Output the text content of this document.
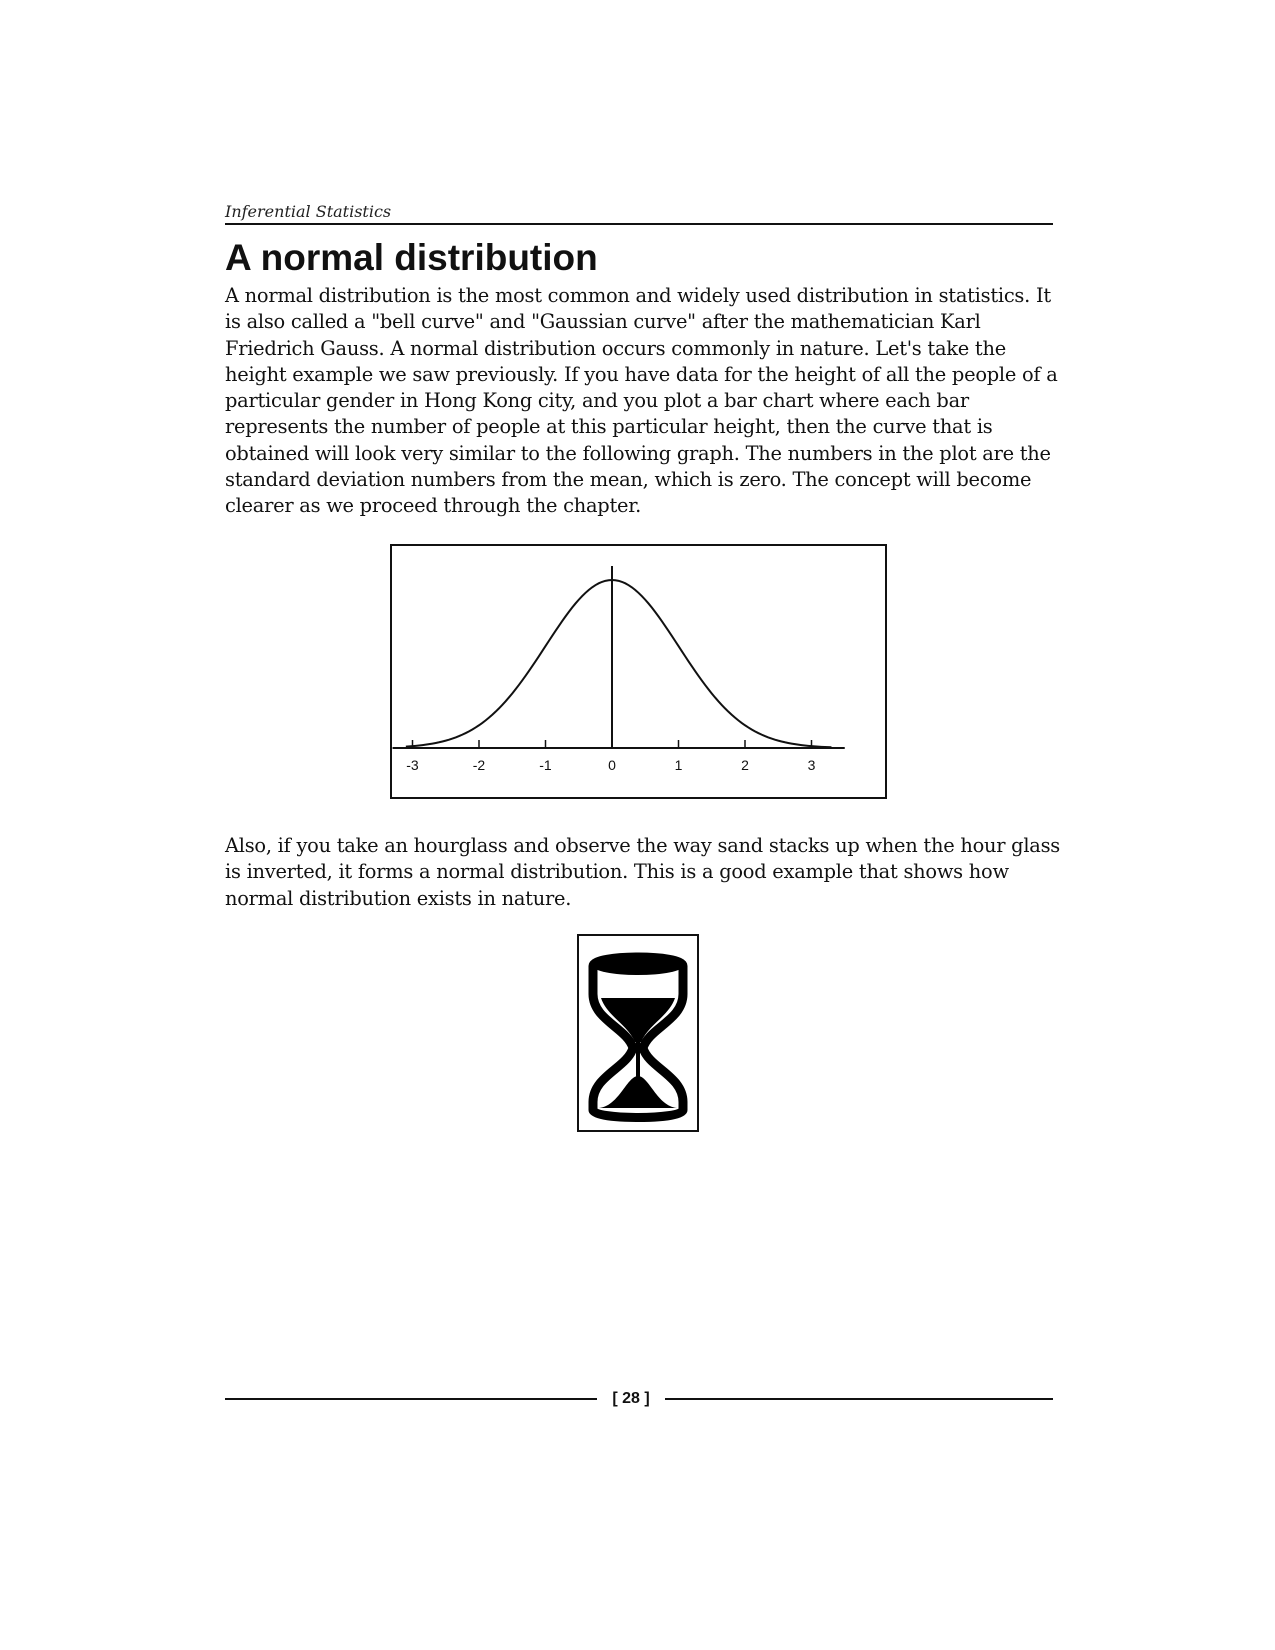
Inferential Statistics
A normal distribution

A normal distribution is the most common and widely used distribution in statistics. It is also called a "bell curve" and "Gaussian curve" after the mathematician Karl Friedrich Gauss. A normal distribution occurs commonly in nature. Let's take the height example we saw previously. If you have data for the height of all the people of a particular gender in Hong Kong city, and you plot a bar chart where each bar represents the number of people at this particular height, then the curve that is obtained will look very similar to the following graph. The numbers in the plot are the standard deviation numbers from the mean, which is zero. The concept will become clearer as we proceed through the chapter.

-3	-2	-1	0	1	2	3

Also, if you take an hourglass and observe the way sand stacks up when the hour glass is inverted, it forms a normal distribution. This is a good example that shows how normal distribution exists in nature.

[ 28 ]
